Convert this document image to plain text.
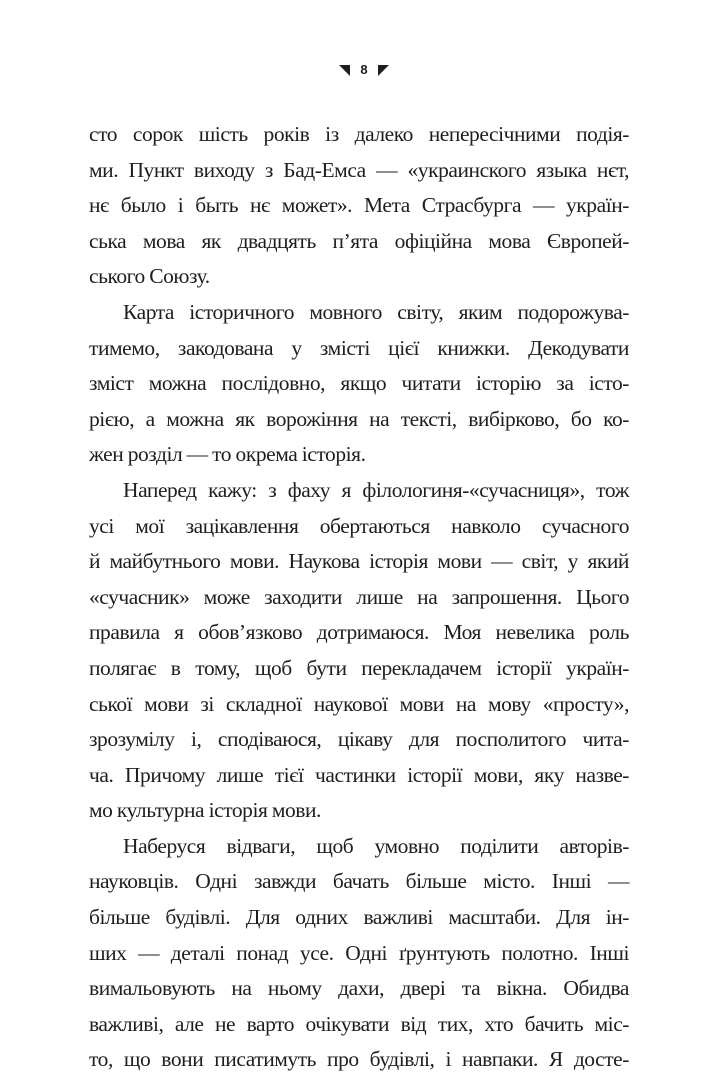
8
сто сорок шість років із далеко непересічними подія-
ми. Пункт виходу з Бад-Емса — «украинского языка нєт,
нє было і быть нє может». Мета Страсбурга — україн-
ська мова як двадцять п’ята офіційна мова Європей-
ського Союзу.
Карта історичного мовного світу, яким подорожува-
тимемо, закодована у змісті цієї книжки. Декодувати
зміст можна послідовно, якщо читати історію за істо-
рією, а можна як ворожіння на тексті, вибірково, бо ко-
жен розділ — то окрема історія.
Наперед кажу: з фаху я філологиня-«сучасниця», тож
усі мої зацікавлення обертаються навколо сучасного
й майбутнього мови. Наукова історія мови — світ, у який
«сучасник» може заходити лише на запрошення. Цього
правила я обов’язково дотримаюся. Моя невелика роль
полягає в тому, щоб бути перекладачем історії україн-
ської мови зі складної наукової мови на мову «просту»,
зрозумілу і, сподіваюся, цікаву для посполитого чита-
ча. Причому лише тієї частинки історії мови, яку назве-
мо культурна історія мови.
Наберуся відваги, щоб умовно поділити авторів-
науковців. Одні завжди бачать більше місто. Інші —
більше будівлі. Для одних важливі масштаби. Для ін-
ших — деталі понад усе. Одні ґрунтують полотно. Інші
вимальовують на ньому дахи, двері та вікна. Обидва
важливі, але не варто очікувати від тих, хто бачить міс-
то, що вони писатимуть про будівлі, і навпаки. Я досте-
